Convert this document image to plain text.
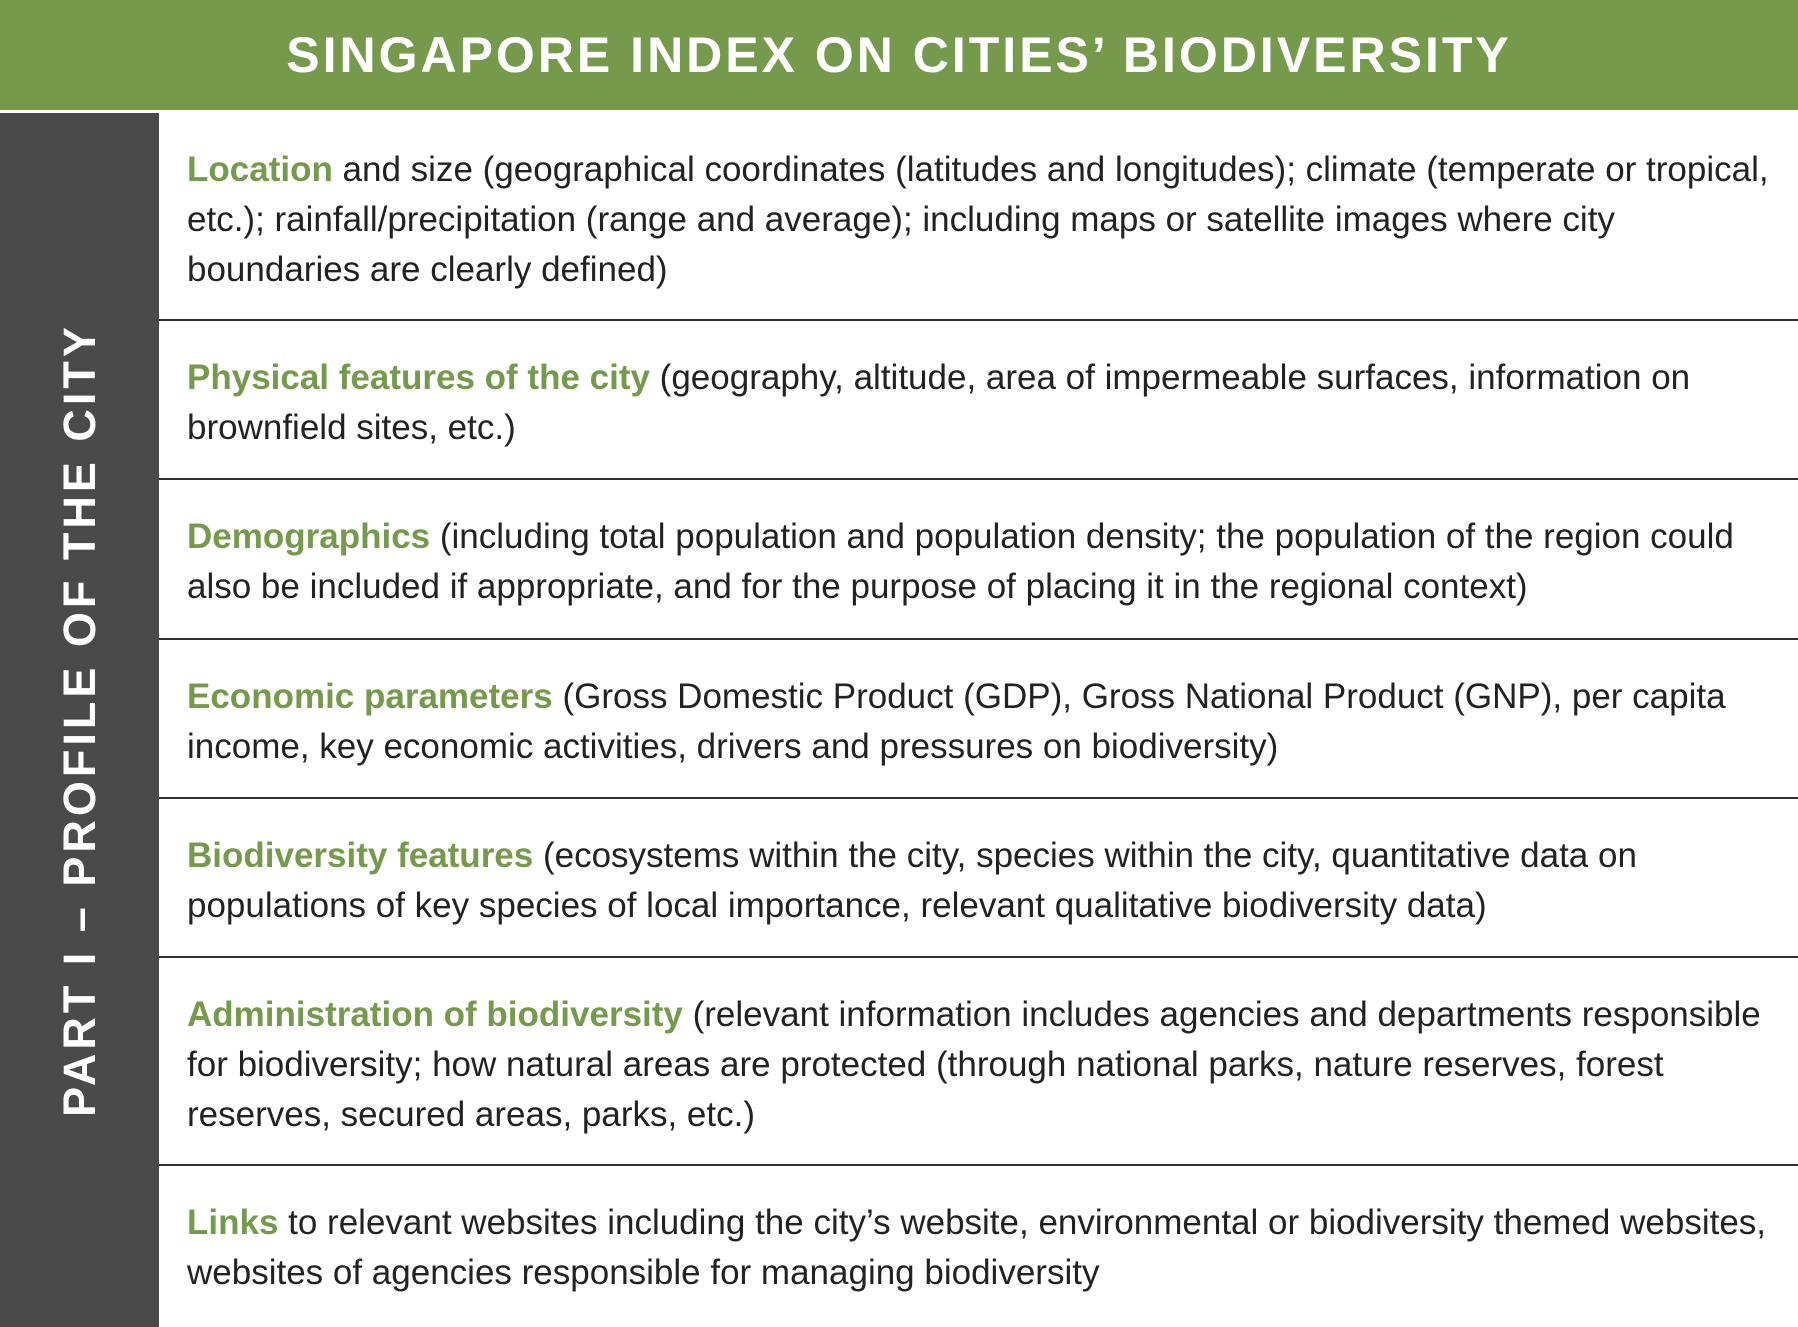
SINGAPORE INDEX ON CITIES’ BIODIVERSITY
PART I – PROFILE OF THE CITY

Location and size (geographical coordinates (latitudes and longitudes); climate (temperate or tropical, etc.); rainfall/precipitation (range and average); including maps or satellite images where city boundaries are clearly defined)

Physical features of the city (geography, altitude, area of impermeable surfaces, information on brownfield sites, etc.)

Demographics (including total population and population density; the population of the region could also be included if appropriate, and for the purpose of placing it in the regional context)

Economic parameters (Gross Domestic Product (GDP), Gross National Product (GNP), per capita income, key economic activities, drivers and pressures on biodiversity)

Biodiversity features (ecosystems within the city, species within the city, quantitative data on populations of key species of local importance, relevant qualitative biodiversity data)

Administration of biodiversity (relevant information includes agencies and departments responsible for biodiversity; how natural areas are protected (through national parks, nature reserves, forest reserves, secured areas, parks, etc.)

Links to relevant websites including the city’s website, environmental or biodiversity themed websites, websites of agencies responsible for managing biodiversity
